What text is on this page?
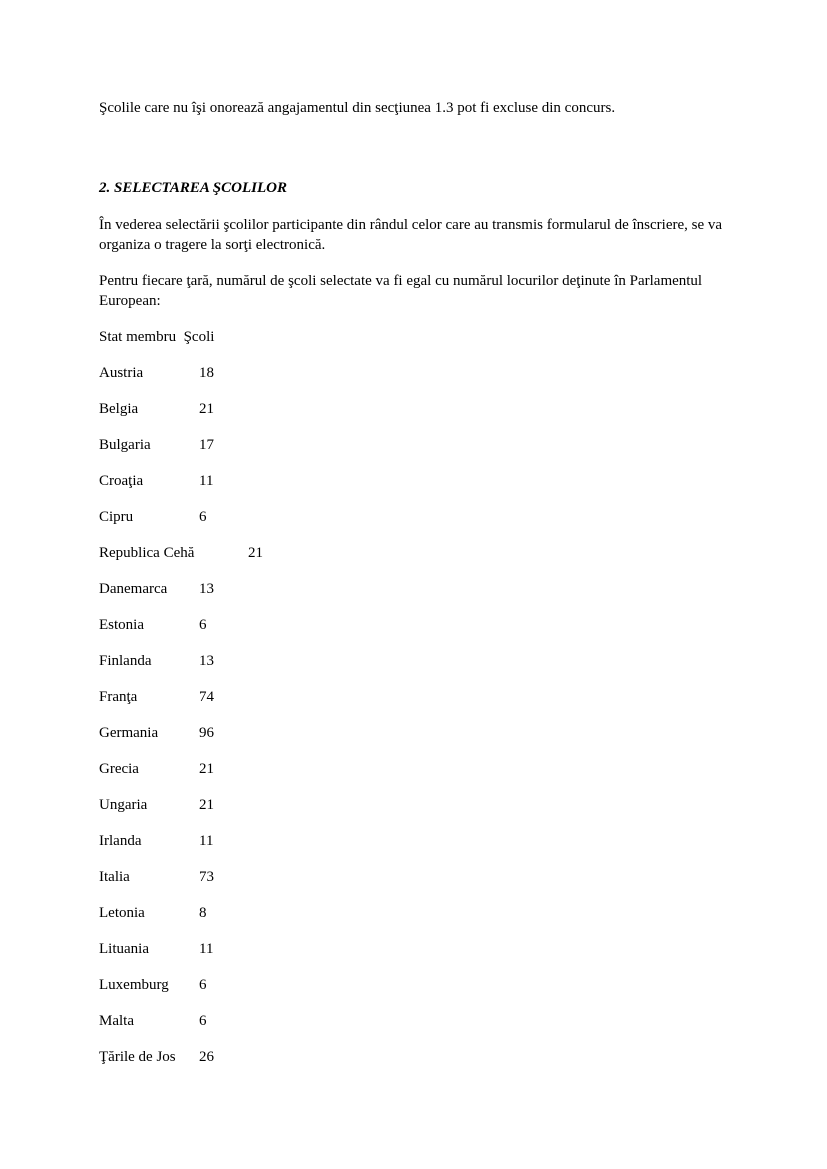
Şcolile care nu îşi onorează angajamentul din secţiunea 1.3 pot fi excluse din concurs.

2. SELECTAREA ŞCOLILOR

În vederea selectării şcolilor participante din rândul celor care au transmis formularul de înscriere, se va organiza o tragere la sorţi electronică.

Pentru fiecare ţară, numărul de şcoli selectate va fi egal cu numărul locurilor deţinute în Parlamentul European:

Stat membru Şcoli

Austria	18
Belgia	21
Bulgaria	17
Croaţia	11
Cipru	6
Republica Cehă	21
Danemarca 13
Estonia	6
Finlanda	13
Franţa	74
Germania	96
Grecia	21
Ungaria	21
Irlanda	11
Italia	73
Letonia	8
Lituania	11
Luxemburg 6
Malta	6
Ţările de Jos 26
